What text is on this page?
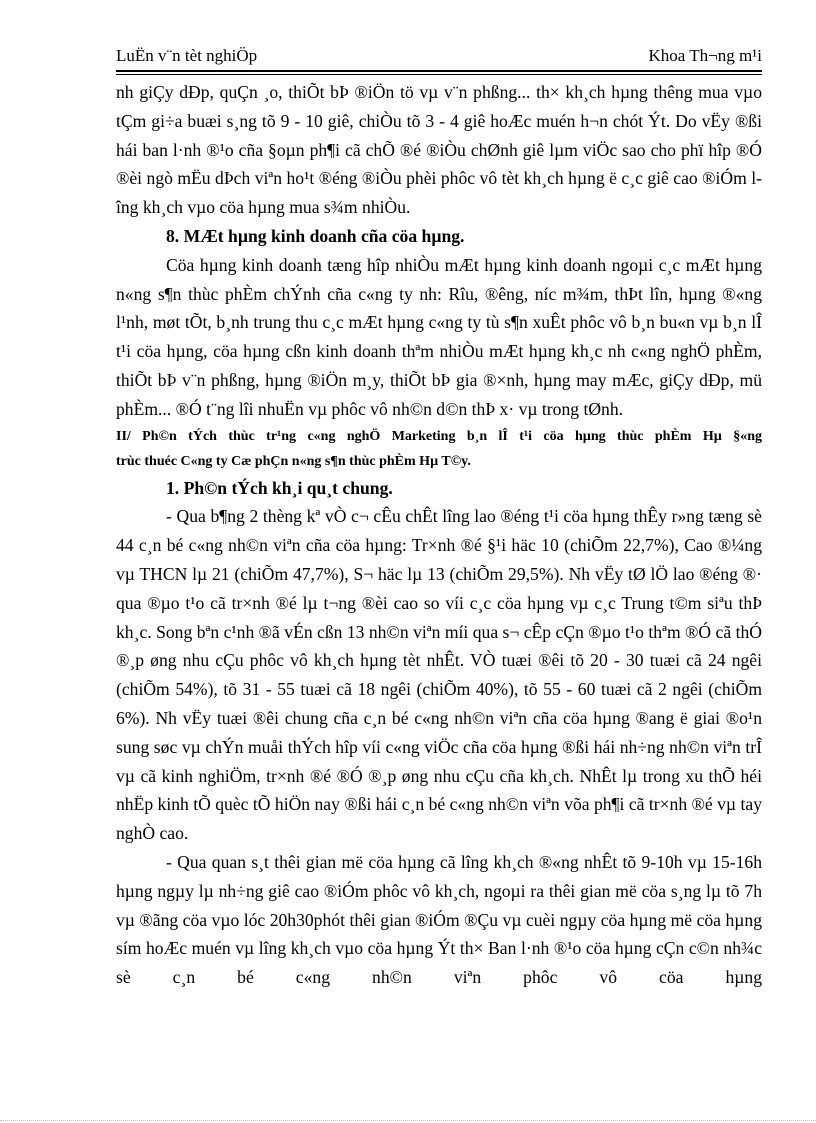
LuËn v¨n tèt nghiÖp	Khoa Th¬ng m¹i

nh giÇy dÐp, quÇn ¸o, thiÕt bÞ ®iÖn tö vµ v¨n phßng... th× kh¸ch hµng thêng mua vµo tÇm gi÷a buæi s¸ng tõ 9 - 10 giê, chiÒu tõ 3 - 4 giê hoÆc muén h¬n chót Ýt. Do vËy ®ßi hái ban l·nh ®¹o cña §oµn ph¶i cã chÕ ®é ®iÒu chØnh giê lµm viÖc sao cho phï hîp ®Ó ®èi ngò mËu dÞch viªn ho¹t ®éng ®iÒu phèi phôc vô tèt kh¸ch hµng ë c¸c giê cao ®iÓm lîng kh¸ch vµo cöa hµng mua s¾m nhiÒu.

8. MÆt hµng kinh doanh cña cöa hµng.

Cöa hµng kinh doanh tæng hîp nhiÒu mÆt hµng kinh doanh ngoµi c¸c mÆt hµng n«ng s¶n thùc phÈm chÝnh cña c«ng ty nh: Rîu, ®êng, níc m¾m, thÞt lîn, hµng ®«ng l¹nh, møt tÕt, b¸nh trung thu c¸c mÆt hµng c«ng ty tù s¶n xuÊt phôc vô b¸n bu«n vµ b¸n lÎ t¹i cöa hµng, cöa hµng cßn kinh doanh thªm nhiÒu mÆt hµng kh¸c nh c«ng nghÖ phÈm, thiÕt bÞ v¨n phßng, hµng ®iÖn m¸y, thiÕt bÞ gia ®×nh, hµng may mÆc, giÇy dÐp, mü phÈm... ®Ó t¨ng lîi nhuËn vµ phôc vô nh©n d©n thÞ x· vµ trong tØnh.

II/ Ph©n tÝch thùc tr¹ng c«ng nghÖ Marketing b¸n lÎ t¹i cöa hµng thùc phÈm Hµ §«ng
trùc thuéc C«ng ty Cæ phÇn n«ng s¶n thùc phÈm Hµ T©y.

1. Ph©n tÝch kh¸i qu¸t chung.

- Qua b¶ng 2 thèng kª vÒ c¬ cÊu chÊt lîng lao ®éng t¹i cöa hµng thÊy r»ng tæng sè 44 c¸n bé c«ng nh©n viªn cña cöa hµng: Tr×nh ®é §¹i häc 10 (chiÕm 22,7%), Cao ®¼ng vµ THCN lµ 21 (chiÕm 47,7%), S¬ häc lµ 13 (chiÕm 29,5%). Nh vËy tØ lÖ lao ®éng ®· qua ®µo t¹o cã tr×nh ®é lµ t¬ng ®èi cao so víi c¸c cöa hµng vµ c¸c Trung t©m siªu thÞ kh¸c. Song bªn c¹nh ®ã vÉn cßn 13 nh©n viªn míi qua s¬ cÊp cÇn ®µo t¹o thªm ®Ó cã thÓ ®¸p øng nhu cÇu phôc vô kh¸ch hµng tèt nhÊt. VÒ tuæi ®êi tõ 20 - 30 tuæi cã 24 ngêi (chiÕm 54%), tõ 31 - 55 tuæi cã 18 ngêi (chiÕm 40%), tõ 55 - 60 tuæi cã 2 ngêi (chiÕm 6%). Nh vËy tuæi ®êi chung cña c¸n bé c«ng nh©n viªn cña cöa hµng ®ang ë giai ®o¹n sung søc vµ chÝn muåi thÝch hîp víi c«ng viÖc cña cöa hµng ®ßi hái nh÷ng nh©n viªn trÎ vµ cã kinh nghiÖm, tr×nh ®é ®Ó ®¸p øng nhu cÇu cña kh¸ch. NhÊt lµ trong xu thÕ héi nhËp kinh tÕ quèc tÕ hiÖn nay ®ßi hái c¸n bé c«ng nh©n viªn võa ph¶i cã tr×nh ®é vµ tay nghÒ cao.

- Qua quan s¸t thêi gian më cöa hµng cã lîng kh¸ch ®«ng nhÊt tõ 9-10h vµ 15-16h hµng ngµy lµ nh÷ng giê cao ®iÓm phôc vô kh¸ch, ngoµi ra thêi gian më cöa s¸ng lµ tõ 7h vµ ®ãng cöa vµo lóc 20h30phót thêi gian ®iÓm ®Çu vµ cuèi ngµy cöa hµng më cöa hµng sím hoÆc muén vµ lîng kh¸ch vµo cöa hµng Ýt th× Ban l·nh ®¹o cöa hµng cÇn c©n nh¾c sè c¸n bé c«ng nh©n viªn phôc vô cöa hµng
